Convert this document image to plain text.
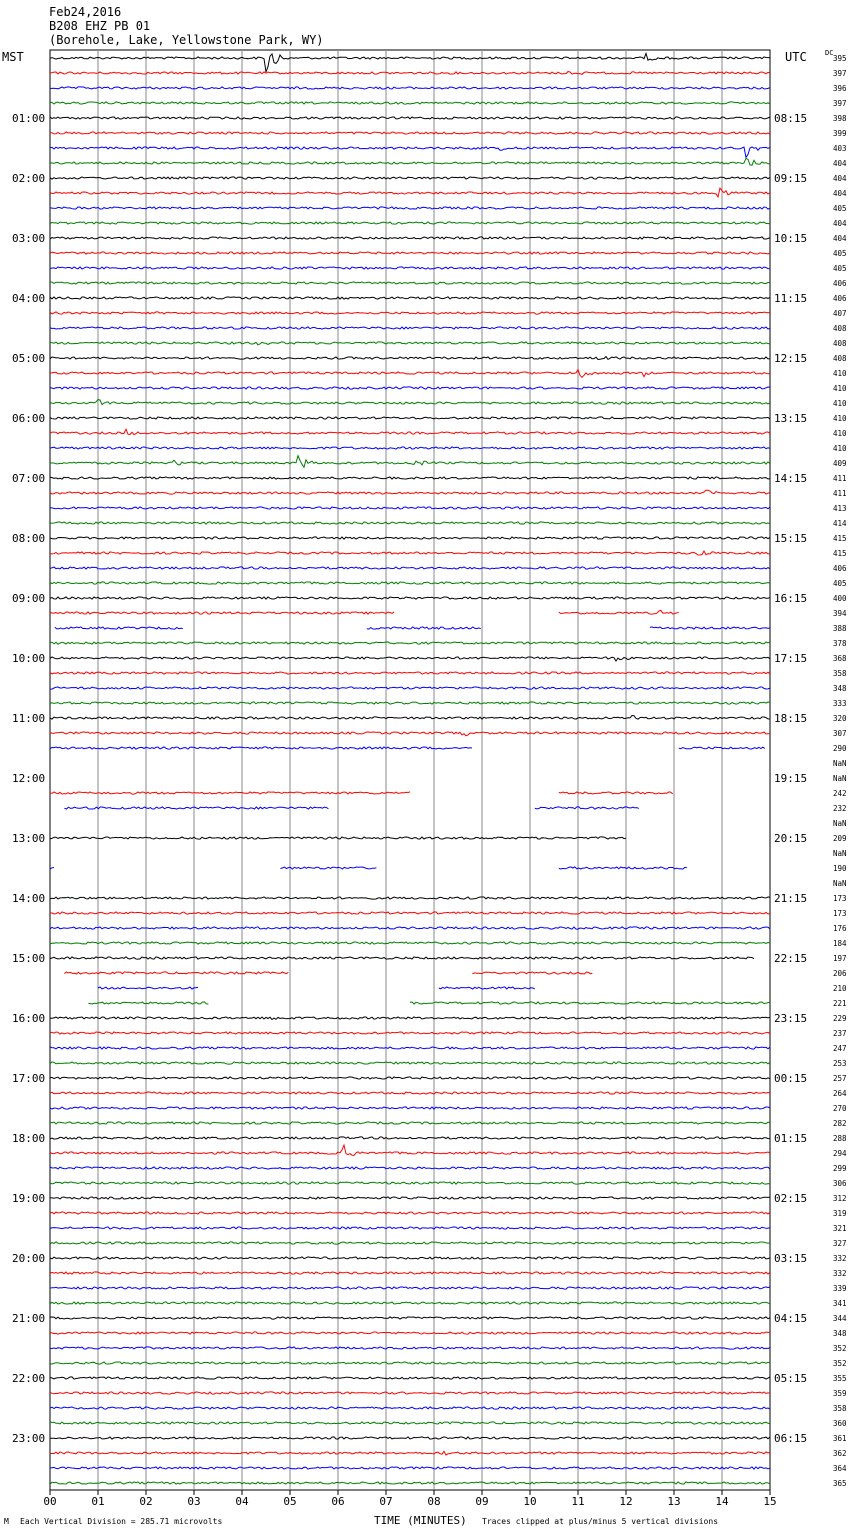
Feb24,2016
B208 EHZ PB 01
(Borehole, Lake, Yellowstone Park, WY)
MST	UTC	DC
00	01	02	03	04	05	06	07	08	09	10	11	12	13	14	15
395
397
396
397
398
399
403
404
404
404
405
404
404
405
405
406
406
407
408
408
408
410
410
410
410
410
410
409
411
411
413
414
415
415
406
405
400
394
388
378
368
358
348
333
320
307
290
NaN
NaN
242
232
NaN
209
NaN
190
NaN
173
173
176
184
197
206
210
221
229
237
247
253
257
264
270
282
288
294
299
306
312
319
321
327
332
332
339
341
344
348
352
352
355
359
358
360
361
362
364
365
01:00	08:15
02:00	09:15
03:00	10:15
04:00	11:15
05:00	12:15
06:00	13:15
07:00	14:15
08:00	15:15
09:00	16:15
10:00	17:15
11:00	18:15
12:00	19:15
13:00	20:15
14:00	21:15
15:00	22:15
16:00	23:15
17:00	00:15
18:00	01:15
19:00	02:15
20:00	03:15
21:00	04:15
22:00	05:15
23:00	06:15
M Each Vertical Division = 285.71 microvolts	TIME (MINUTES) Traces clipped at plus/minus 5 vertical divisions
